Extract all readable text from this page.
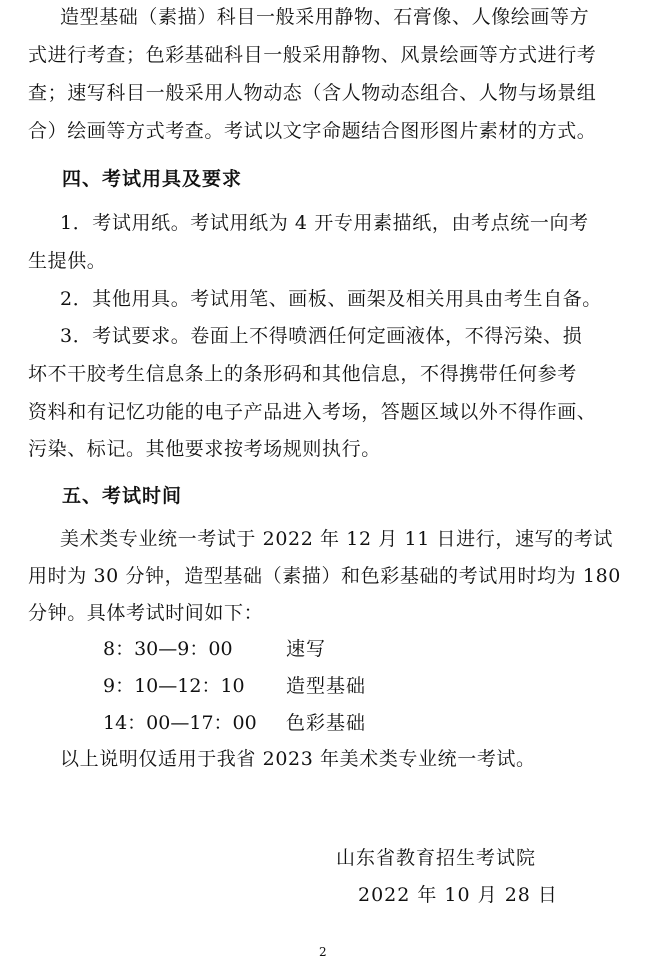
造型基础（素描）科目一般采用静物、石膏像、人像绘画等方
式进行考查；色彩基础科目一般采用静物、风景绘画等方式进行考
查；速写科目一般采用人物动态（含人物动态组合、人物与场景组
合）绘画等方式考查。考试以文字命题结合图形图片素材的方式。
四、考试用具及要求
1．考试用纸。考试用纸为 4 开专用素描纸，由考点统一向考
生提供。
2．其他用具。考试用笔、画板、画架及相关用具由考生自备。
3．考试要求。卷面上不得喷洒任何定画液体，不得污染、损
坏不干胶考生信息条上的条形码和其他信息，不得携带任何参考
资料和有记忆功能的电子产品进入考场，答题区域以外不得作画、
污染、标记。其他要求按考场规则执行。
五、考试时间
美术类专业统一考试于 2022 年 12 月 11 日进行，速写的考试
用时为 30 分钟，造型基础（素描）和色彩基础的考试用时均为 180
分钟。具体考试时间如下：
8：30—9：00	速写
9：10—12：10 造型基础
14：00—17：00 色彩基础
以上说明仅适用于我省 2023 年美术类专业统一考试。
山东省教育招生考试院
2022 年 10 月 28 日
2
